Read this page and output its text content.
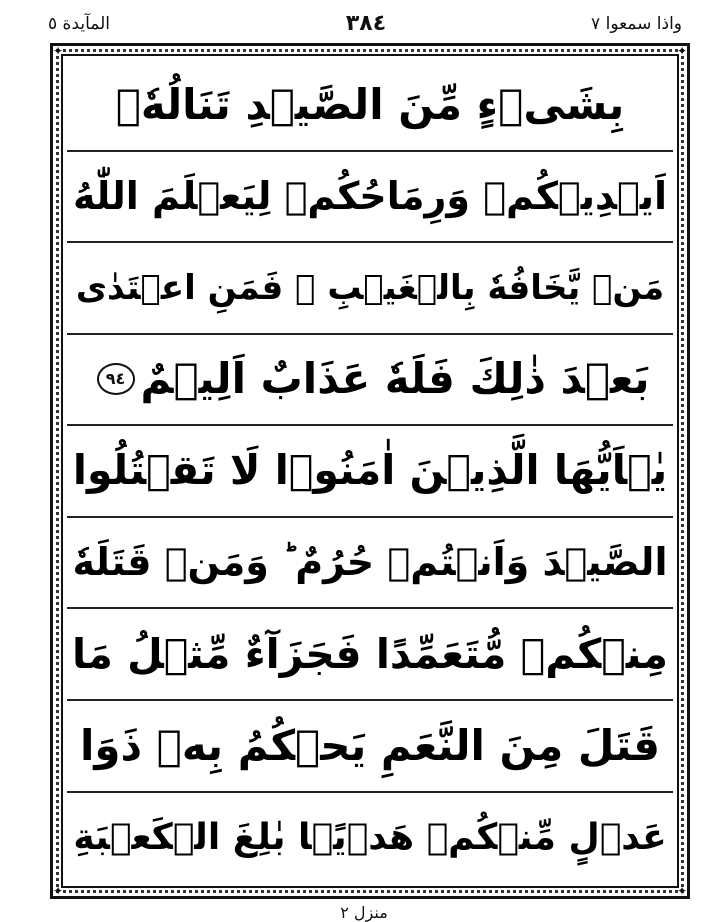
المآيدة ٥	٣٨٤	واذا سمعوا ٧
✦	✦
✦	✦
بِشَیۡءٍ مِّنَ الصَّیۡدِ تَنَالُهٗۤ
اَیۡدِیۡكُمۡ وَرِمَاحُكُمۡ لِیَعۡلَمَ اللّٰهُ
مَنۡ یَّخَافُهٗ بِالۡغَیۡبِ ۚ فَمَنِ اعۡتَدٰی
بَعۡدَ ذٰلِكَ فَلَهٗ عَذَابٌ اَلِیۡمٌ
٩٤
یٰۤاَیُّهَا الَّذِیۡنَ اٰمَنُوۡا لَا تَقۡتُلُوا
الصَّیۡدَ وَاَنۡتُمۡ حُرُمٌ ؕ وَمَنۡ قَتَلَهٗ
مِنۡكُمۡ مُّتَعَمِّدًا فَجَزَآءٌ مِّثۡلُ مَا
قَتَلَ مِنَ النَّعَمِ یَحۡكُمُ بِهٖ ذَوَا
عَدۡلٍ مِّنۡكُمۡ هَدۡیًۢا بٰلِغَ الۡكَعۡبَةِ
منزل ٢
